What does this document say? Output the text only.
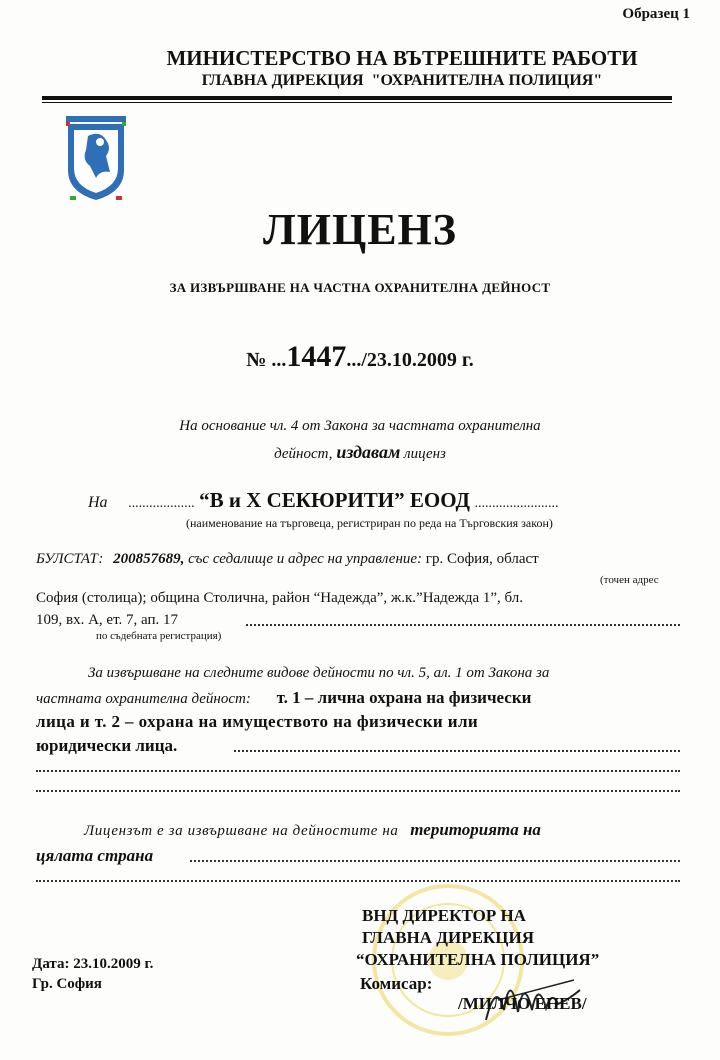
Образец 1
МИНИСТЕРСТВО НА ВЪТРЕШНИТЕ РАБОТИ
ГЛАВНА ДИРЕКЦИЯ  "ОХРАНИТЕЛНА ПОЛИЦИЯ"
ЛИЦЕНЗ
ЗА ИЗВЪРШВАНЕ НА ЧАСТНА ОХРАНИТЕЛНА ДЕЙНОСТ
№ ...1447.../23.10.2009 г.
На основание чл. 4 от Закона за частната охранителна
дейност, издавам лиценз
На ................... “В и Х СЕКЮРИТИ” ЕООД ........................
(наименование на търговеца, регистриран по реда на Търговския закон)
БУЛСТАТ: 200857689, със седалище и адрес на управление: гр. София, област
(точен адрес
София (столица); община Столична, район “Надежда”, ж.к.”Надежда 1”, бл.
109, вх. А, ет. 7, ап. 17
по съдебната регистрация)
За извършване на следните видове дейности по чл. 5, ал. 1 от Закона за
частната охранителна дейност: т. 1 – лична охрана на физически
лица и т. 2 – охрана на имуществото на физически или
юридически лица.
Лицензът е за извършване на дейностите на територията на
цялата страна
ВНД ДИРЕКТОР НА
ГЛАВНА ДИРЕКЦИЯ
“ОХРАНИТЕЛНА ПОЛИЦИЯ”
Комисар:
/МИЛЧО ЕНЕВ/
Дата: 23.10.2009 г.
Гр. София
